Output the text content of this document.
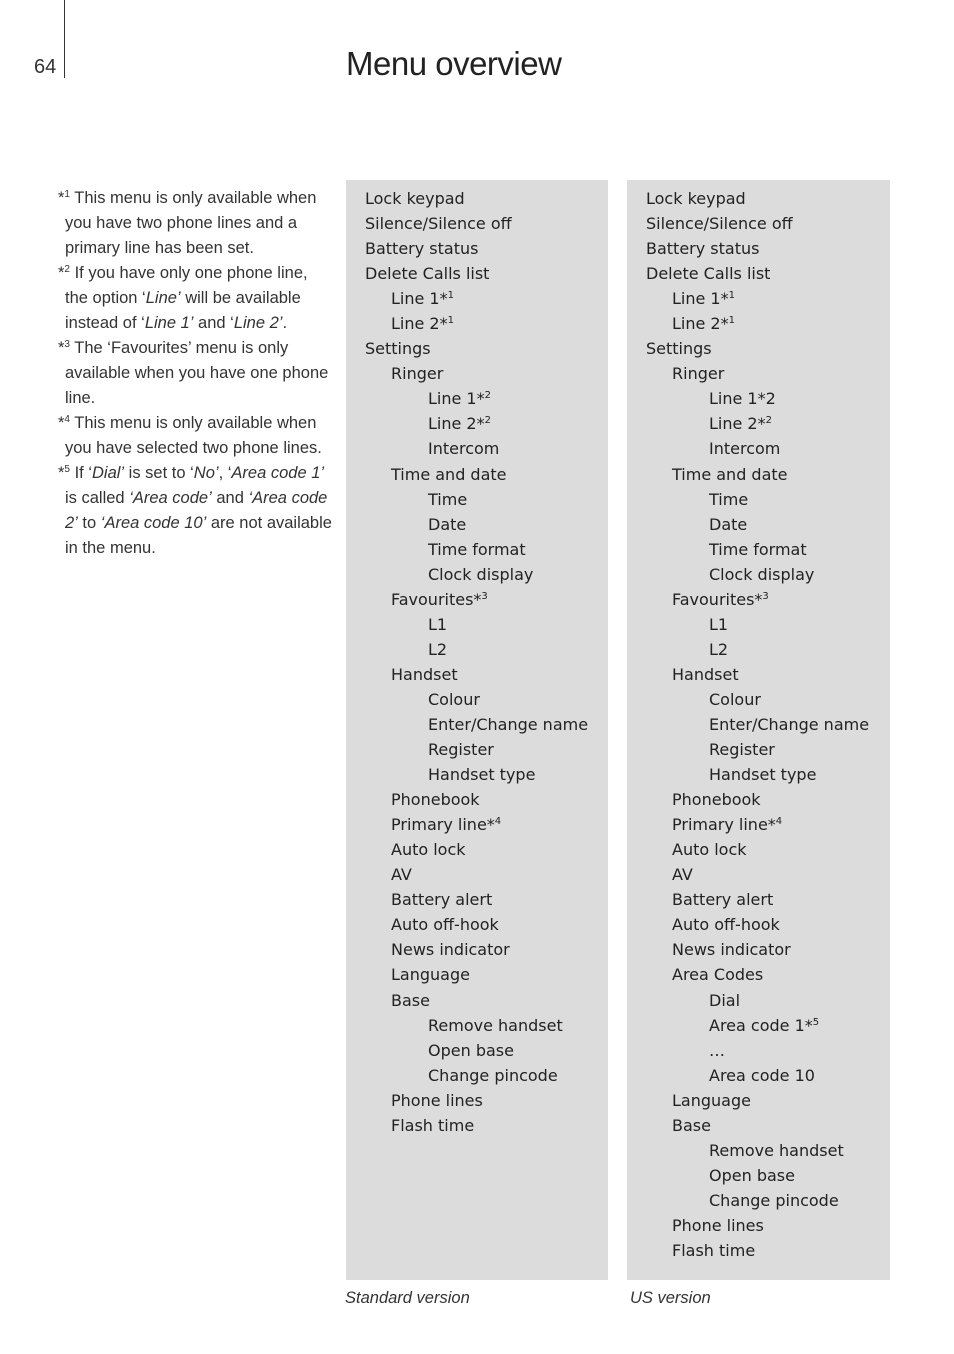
64	Menu overview
*$^1$ This menu is only available when you have two phone lines and a primary line has been set.
*$^2$ If you have only one phone line, the option ‘Line’ will be available instead of ‘Line 1’ and ‘Line 2’.
*$^3$ The ‘Favourites’ menu is only available when you have one phone line.
*$^4$ This menu is only available when you have selected two phone lines.
*$^5$ If ‘Dial’ is set to ‘No’, ‘Area code 1’ is called ‘Area code’ and ‘Area code 2’ to ‘Area code 10’ are not available in the menu.
Lock keypad
Silence/Silence off
Battery status
Delete Calls list
Line 1*$^1$
Line 2*$^1$
Settings
Ringer
Line 1*$^2$
Line 2*$^2$
Intercom
Time and date
Time
Date
Time format
Clock display
Favourites*$^3$
L1
L2
Handset
Colour
Enter/Change name
Register
Handset type
Phonebook
Primary line*$^4$
Auto lock
AV
Battery alert
Auto off-hook
News indicator
Language
Base
Remove handset
Open base
Change pincode
Phone lines
Flash time
Lock keypad
Silence/Silence off
Battery status
Delete Calls list
Line 1*$^1$
Line 2*$^1$
Settings
Ringer
Line 1*2
Line 2*$^2$
Intercom
Time and date
Time
Date
Time format
Clock display
Favourites*$^3$
L1
L2
Handset
Colour
Enter/Change name
Register
Handset type
Phonebook
Primary line*$^4$
Auto lock
AV
Battery alert
Auto off-hook
News indicator
Area Codes
Dial
Area code 1*$^5$
…
Area code 10
Language
Base
Remove handset
Open base
Change pincode
Phone lines
Flash time
Standard version	US version
